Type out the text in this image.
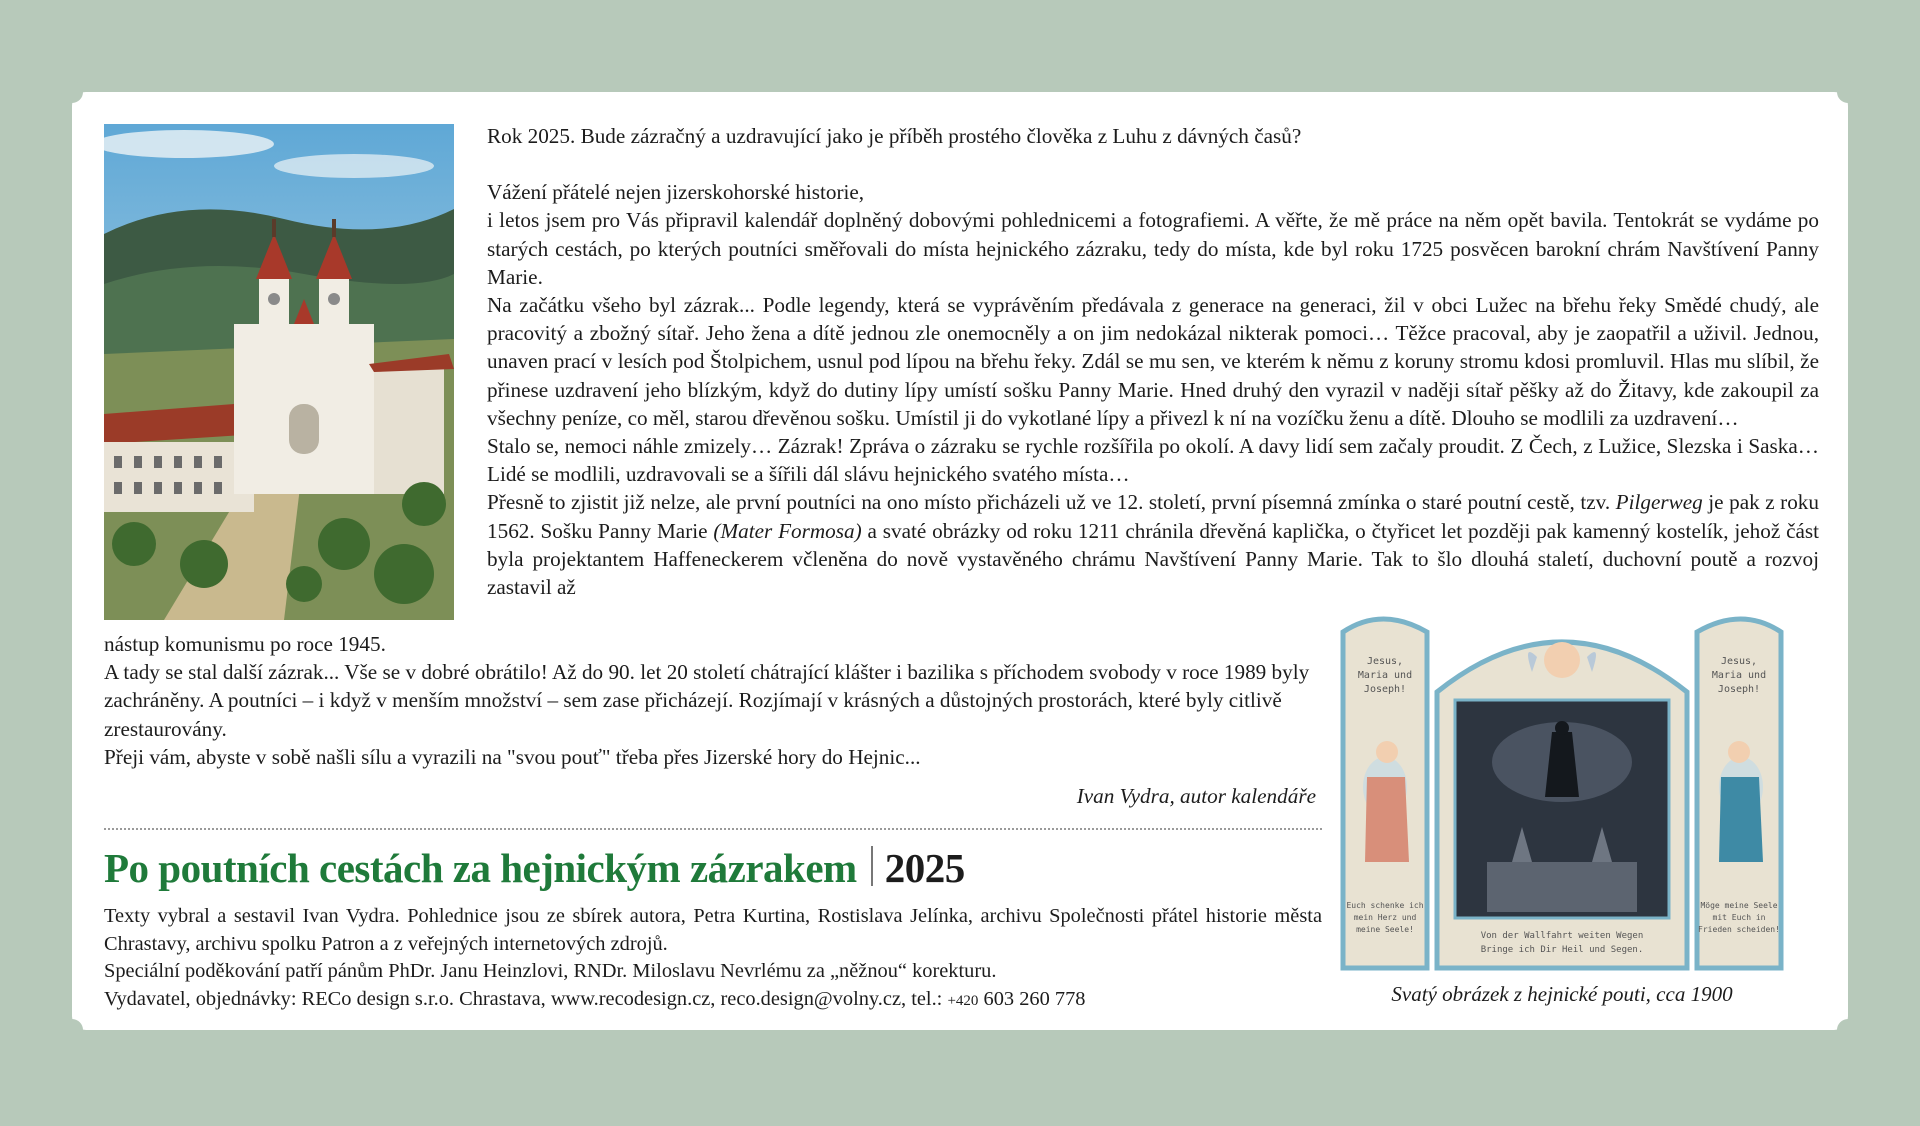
Rok 2025. Bude zázračný a uzdravující jako je příběh prostého člověka z Luhu z dávných časů?

Vážení přátelé nejen jizerskohorské historie,

i letos jsem pro Vás připravil kalendář doplněný dobovými pohlednicemi a fotografiemi. A věřte, že mě práce na něm opět bavila. Tentokrát se vydáme po starých cestách, po kterých poutníci směřovali do místa hejnického zázraku, tedy do místa, kde byl roku 1725 posvěcen barokní chrám Navštívení Panny Marie.

Na začátku všeho byl zázrak... Podle legendy, která se vyprávěním předávala z generace na generaci, žil v obci Lužec na břehu řeky Smědé chudý, ale pracovitý a zbožný sítař. Jeho žena a dítě jednou zle onemocněly a on jim nedokázal nikterak pomoci… Těžce pracoval, aby je zaopatřil a uživil. Jednou, unaven prací v lesích pod Štolpichem, usnul pod lípou na břehu řeky. Zdál se mu sen, ve kterém k němu z koruny stromu kdosi promluvil. Hlas mu slíbil, že přinese uzdravení jeho blízkým, když do dutiny lípy umístí sošku Panny Marie. Hned druhý den vyrazil v naději sítař pěšky až do Žitavy, kde zakoupil za všechny peníze, co měl, starou dřevěnou sošku. Umístil ji do vykotlané lípy a přivezl k ní na vozíčku ženu a dítě. Dlouho se modlili za uzdravení…

Stalo se, nemoci náhle zmizely… Zázrak! Zpráva o zázraku se rychle rozšířila po okolí. A davy lidí sem začaly proudit. Z Čech, z Lužice, Slezska i Saska…Lidé se modlili, uzdravovali se a šířili dál slávu hejnického svatého místa…

Přesně to zjistit již nelze, ale první poutníci na ono místo přicházeli už ve 12. století, první písemná zmínka o staré poutní cestě, tzv. Pilgerweg je pak z roku 1562. Sošku Panny Marie (Mater Formosa) a svaté obrázky od roku 1211 chránila dřevěná kaplička, o čtyřicet let později pak kamenný kostelík, jehož část byla projektantem Haffeneckerem včleněna do nově vystavěného chrámu Navštívení Panny Marie. Tak to šlo dlouhá staletí, duchovní poutě a rozvoj zastavil až

nástup komunismu po roce 1945.

A tady se stal další zázrak... Vše se v dobré obrátilo! Až do 90. let 20 století chátrající klášter i bazilika s příchodem svobody v roce 1989 byly zachráněny. A poutníci – i když v menším množství – sem zase přicházejí. Rozjímají v krásných a důstojných prostorách, které byly citlivě zrestaurovány.

Přeji vám, abyste v sobě našli sílu a vyrazili na "svou pouť" třeba přes Jizerské hory do Hejnic...

Ivan Vydra, autor kalendáře
Po poutních cestách za hejnickým zázrakem 2025

Texty vybral a sestavil Ivan Vydra. Pohlednice jsou ze sbírek autora, Petra Kurtina, Rostislava Jelínka, archivu Společnosti přátel historie města Chrastavy, archivu spolku Patron a z veřejných internetových zdrojů.

Speciální poděkování patří pánům PhDr. Janu Heinzlovi, RNDr. Miloslavu Nevrlému za „něžnou“ korekturu.

Vydavatel, objednávky: RECo design s.r.o. Chrastava, www.recodesign.cz, reco.design@volny.cz, tel.: +420 603 260 778

Jesus,
Maria und
Joseph!
Jesus,
Maria und
Joseph!
Euch schenke ich
mein Herz und
meine Seele!
Möge meine Seele
mit Euch in
Frieden scheiden!
Von der Wallfahrt weiten Wegen
Bringe ich Dir Heil und Segen.
Svatý obrázek z hejnické pouti, cca 1900
